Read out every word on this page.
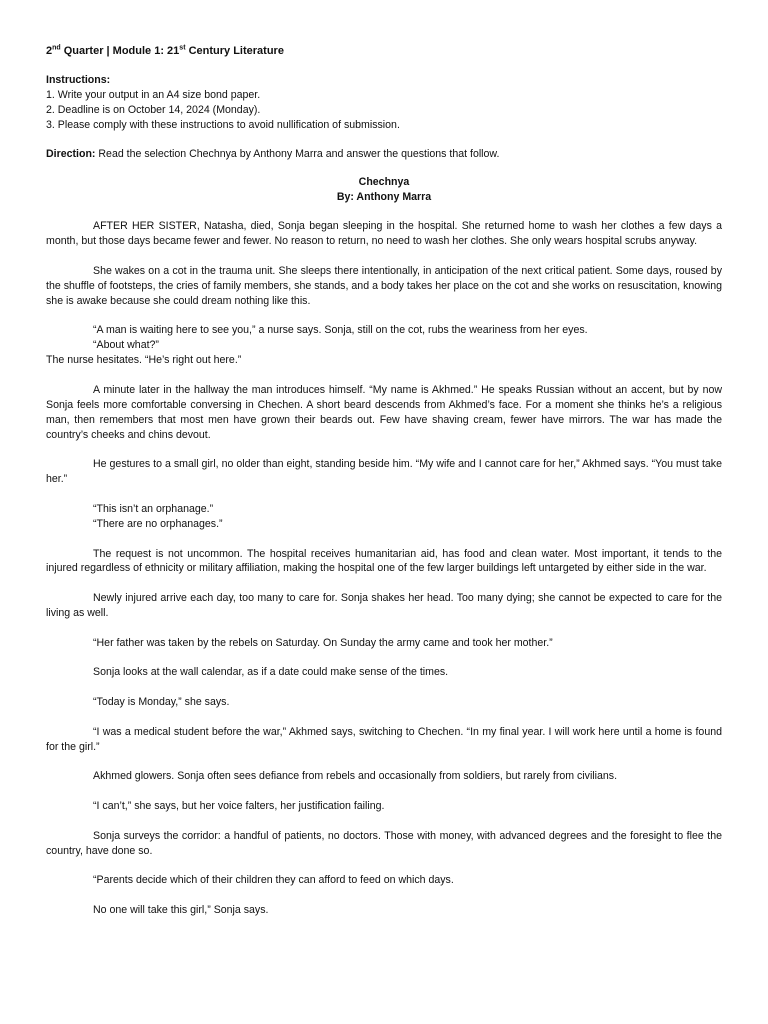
2nd Quarter | Module 1: 21st Century Literature

Instructions:

1. Write your output in an A4 size bond paper.

2. Deadline is on October 14, 2024 (Monday).

3. Please comply with these instructions to avoid nullification of submission.

Direction: Read the selection Chechnya by Anthony Marra and answer the questions that follow.

Chechnya

By: Anthony Marra

AFTER HER SISTER, Natasha, died, Sonja began sleeping in the hospital. She returned home to wash her clothes a few days a month, but those days became fewer and fewer. No reason to return, no need to wash her clothes. She only wears hospital scrubs anyway.

She wakes on a cot in the trauma unit. She sleeps there intentionally, in anticipation of the next critical patient. Some days, roused by the shuffle of footsteps, the cries of family members, she stands, and a body takes her place on the cot and she works on resuscitation, knowing she is awake because she could dream nothing like this.

“A man is waiting here to see you,” a nurse says. Sonja, still on the cot, rubs the weariness from her eyes.

“About what?”

The nurse hesitates. “He’s right out here.”

A minute later in the hallway the man introduces himself. “My name is Akhmed.” He speaks Russian without an accent, but by now Sonja feels more comfortable conversing in Chechen. A short beard descends from Akhmed’s face. For a moment she thinks he’s a religious man, then remembers that most men have grown their beards out. Few have shaving cream, fewer have mirrors. The war has made the country’s cheeks and chins devout.

He gestures to a small girl, no older than eight, standing beside him. “My wife and I cannot care for her,” Akhmed says. “You must take her.”

“This isn’t an orphanage.”

“There are no orphanages.”

The request is not uncommon. The hospital receives humanitarian aid, has food and clean water. Most important, it tends to the injured regardless of ethnicity or military affiliation, making the hospital one of the few larger buildings left untargeted by either side in the war.

Newly injured arrive each day, too many to care for. Sonja shakes her head. Too many dying; she cannot be expected to care for the living as well.

“Her father was taken by the rebels on Saturday. On Sunday the army came and took her mother.”

Sonja looks at the wall calendar, as if a date could make sense of the times.

“Today is Monday,” she says.

“I was a medical student before the war,” Akhmed says, switching to Chechen. “In my final year. I will work here until a home is found for the girl.”

Akhmed glowers. Sonja often sees defiance from rebels and occasionally from soldiers, but rarely from civilians.

“I can’t,” she says, but her voice falters, her justification failing.

Sonja surveys the corridor: a handful of patients, no doctors. Those with money, with advanced degrees and the foresight to flee the country, have done so.

“Parents decide which of their children they can afford to feed on which days.

No one will take this girl,” Sonja says.
